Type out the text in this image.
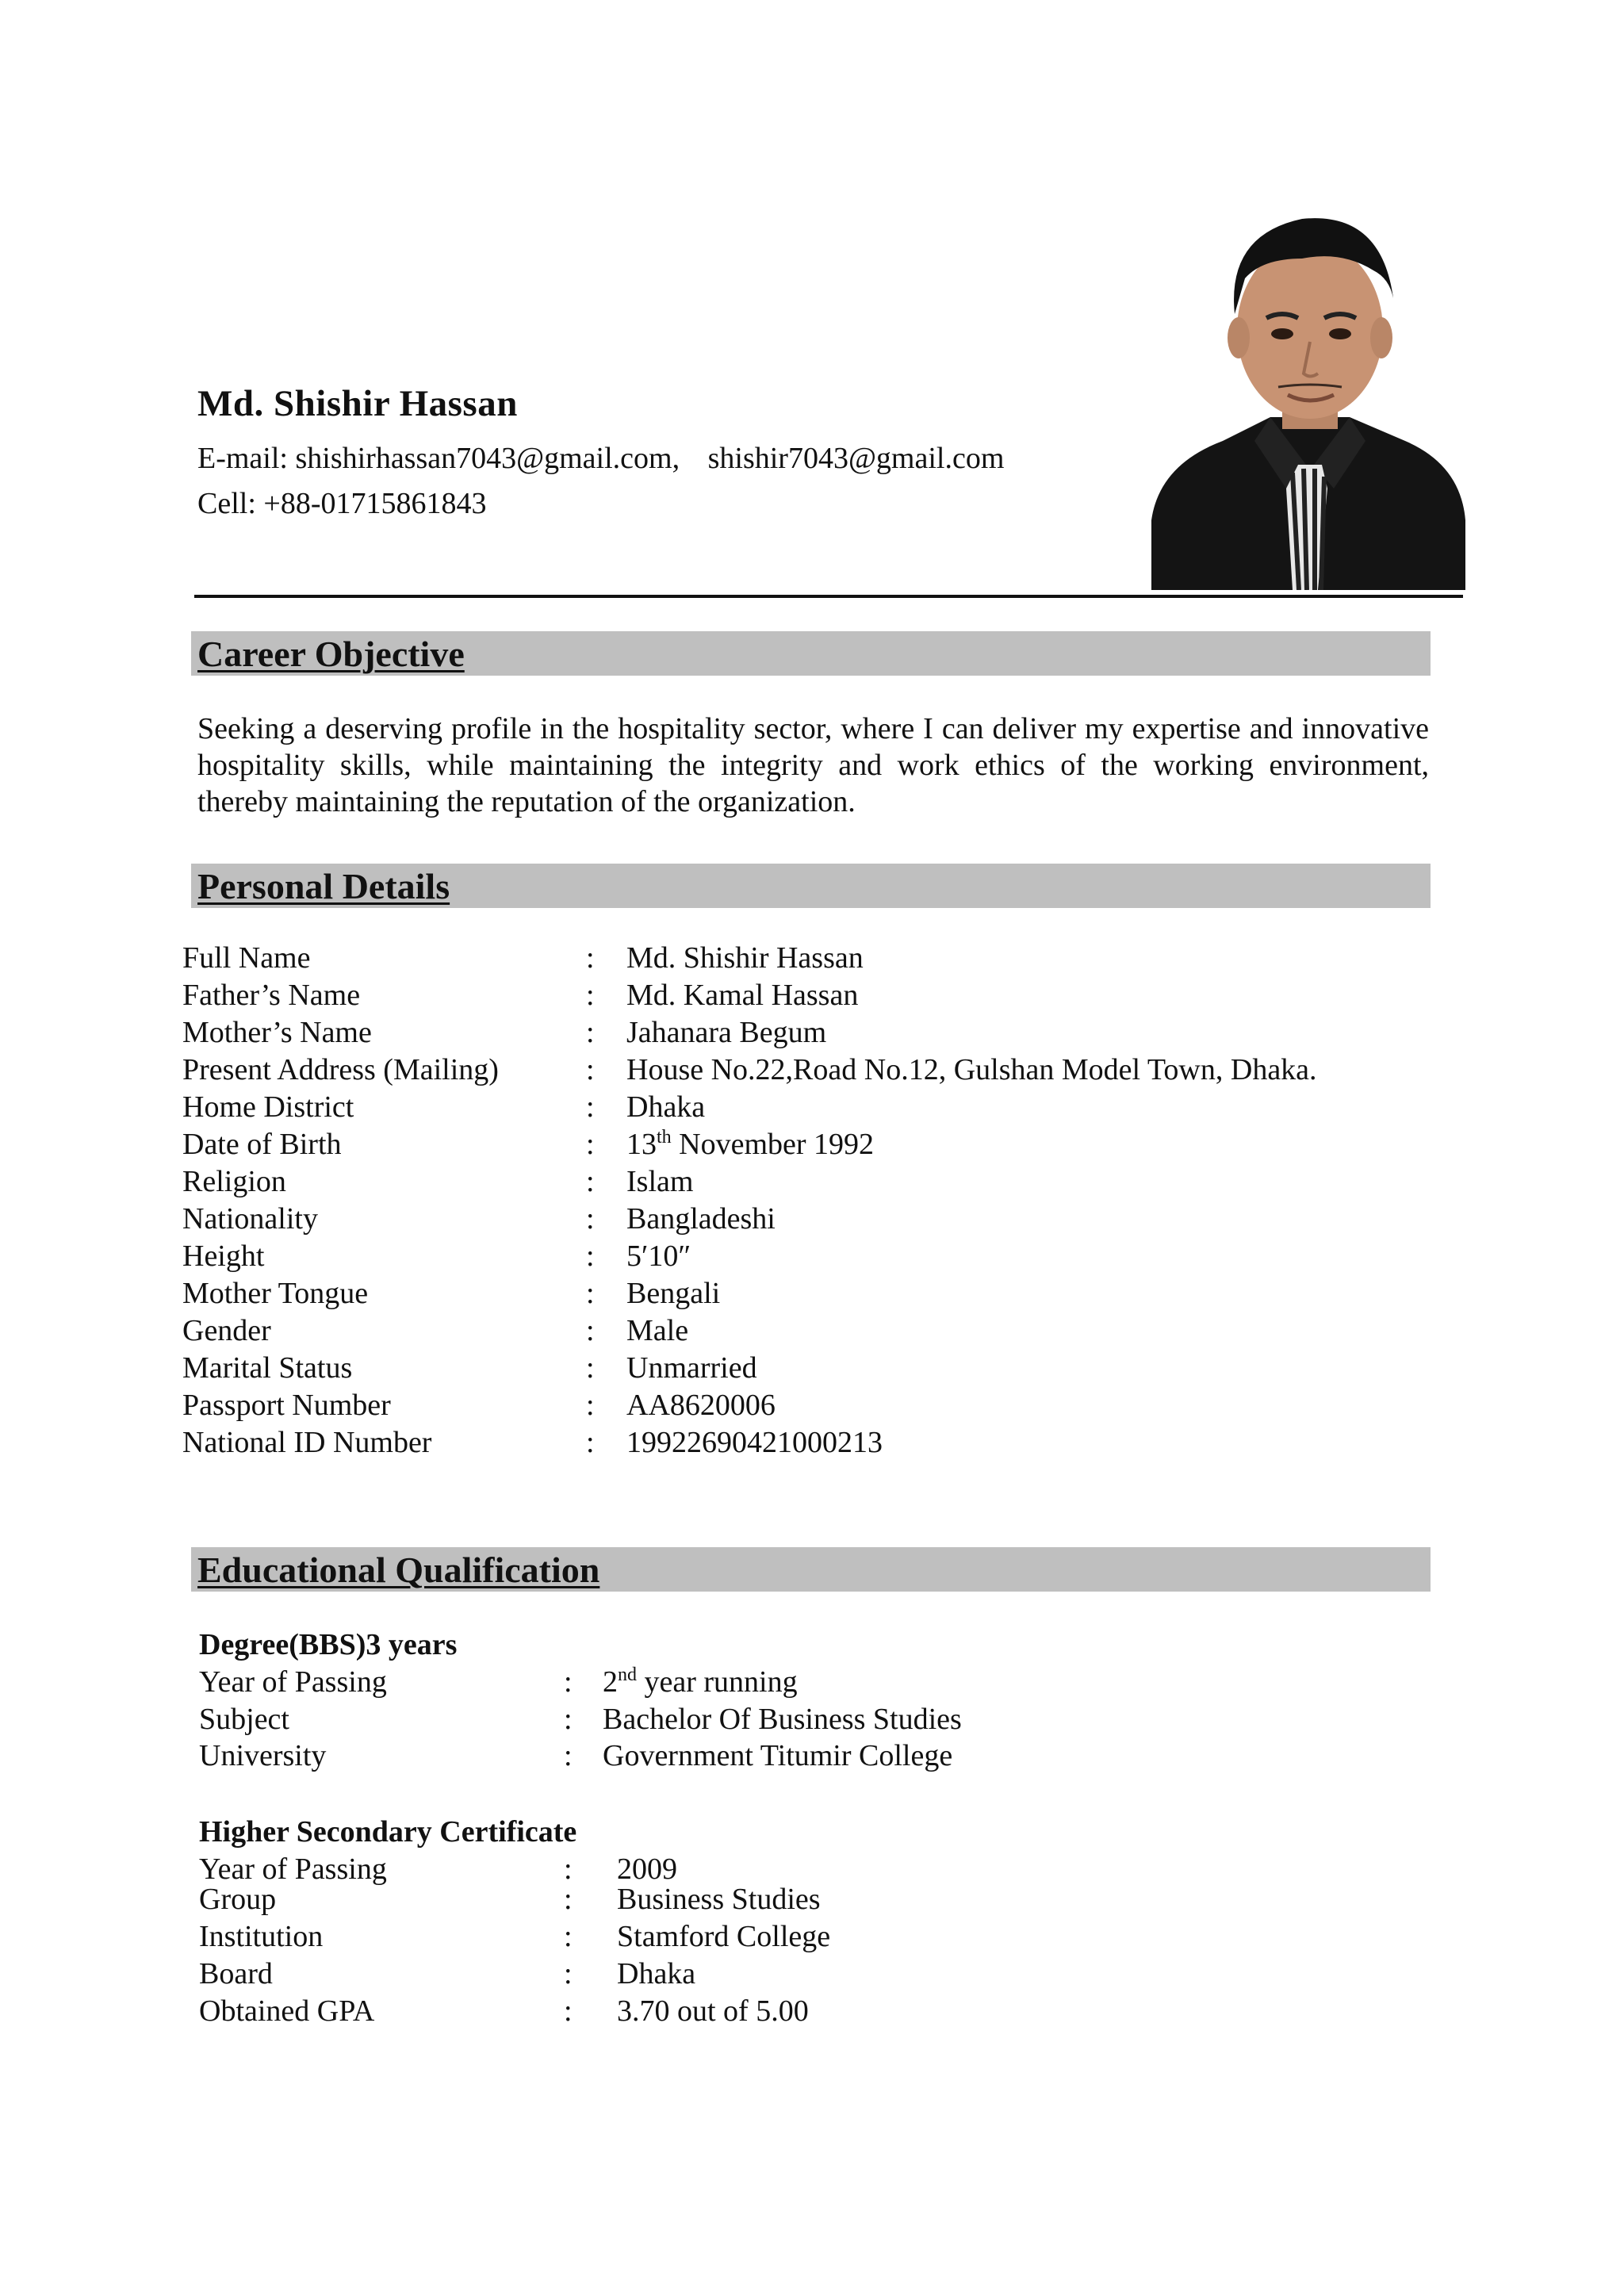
Md. Shishir Hassan
E-mail: shishirhassan7043@gmail.com, shishir7043@gmail.com
Cell: +88-01715861843
Career Objective
Seeking a deserving profile in the hospitality sector, where I can deliver my expertise and innovative hospitality skills, while maintaining the integrity and work ethics of the working environment, thereby maintaining the reputation of the organization.
Personal Details
Full Name	: Md. Shishir Hassan
Father’s Name	: Md. Kamal Hassan
Mother’s Name	: Jahanara Begum
Present Address (Mailing)	: House No.22,Road No.12, Gulshan Model Town, Dhaka.
Home District	: Dhaka
Date of Birth	: 13th November 1992
Religion	: Islam
Nationality	: Bangladeshi
Height	: 5′10″
Mother Tongue	: Bengali
Gender	: Male
Marital Status	: Unmarried
Passport Number	: AA8620006
National ID Number	: 19922690421000213
Educational Qualification
Degree(BBS)3 years
Year of Passing	: 2nd year running
Subject	: Bachelor Of Business Studies
University	: Government Titumir College
Higher Secondary Certificate
Year of Passing	: 2009
Group	: Business Studies
Institution	: Stamford College
Board	: Dhaka
Obtained GPA	: 3.70 out of 5.00
